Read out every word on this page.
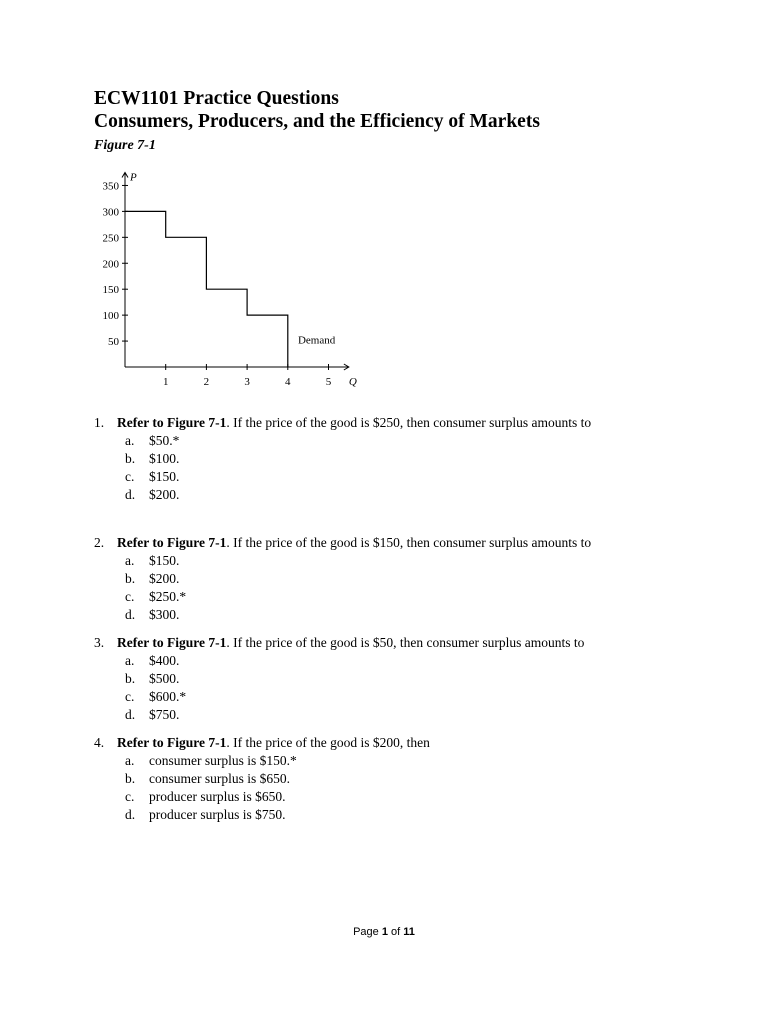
ECW1101 Practice Questions
Consumers, Producers, and the Efficiency of Markets
Figure 7-1
50
100
150
200
250
300
350
1	2	3	4	5
Demand
P
Q
1. Refer to Figure 7-1. If the price of the good is $250, then consumer surplus amounts to
a. $50.*
b. $100.
c. $150.
d. $200.
2. Refer to Figure 7-1. If the price of the good is $150, then consumer surplus amounts to
a. $150.
b. $200.
c. $250.*
d. $300.
3. Refer to Figure 7-1. If the price of the good is $50, then consumer surplus amounts to
a. $400.
b. $500.
c. $600.*
d. $750.
4. Refer to Figure 7-1. If the price of the good is $200, then
a. consumer surplus is $150.*
b. consumer surplus is $650.
c. producer surplus is $650.
d. producer surplus is $750.
Page 1 of 11
